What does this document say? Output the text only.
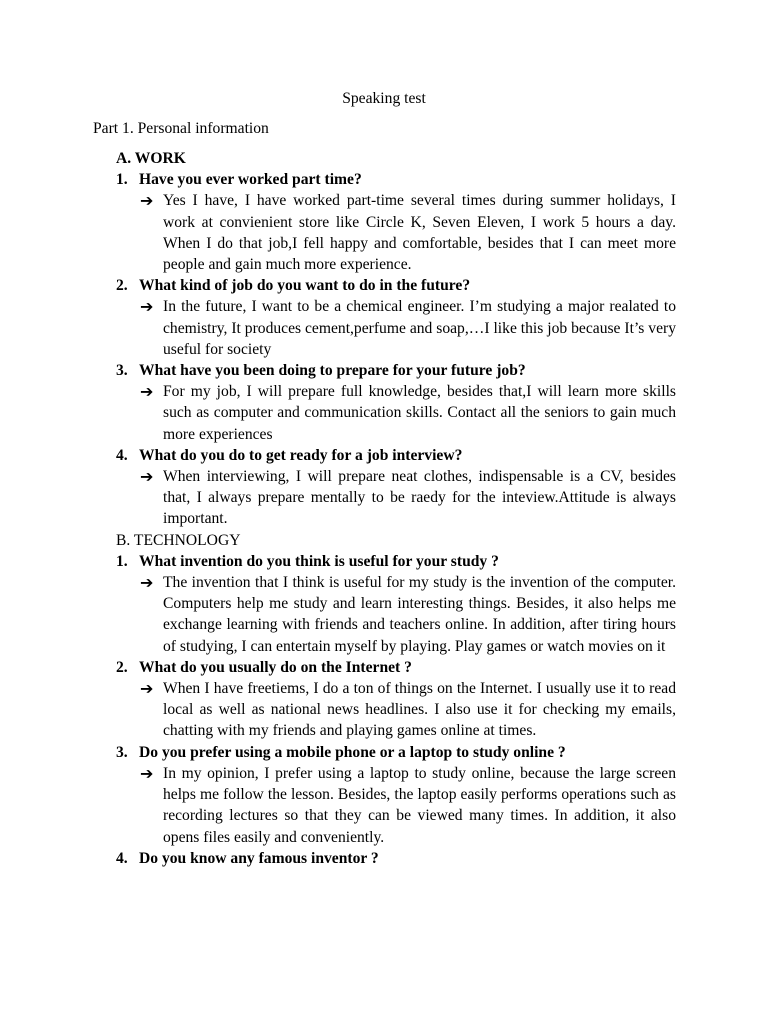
Speaking test
Part 1. Personal information
A. WORK
1. Have you ever worked part time?
➔ Yes I have, I have worked part-time several times during summer holidays, I work at convienient store like Circle K, Seven Eleven, I work 5 hours a day. When I do that job,I fell happy and comfortable, besides that I can meet more people and gain much more experience.
2. What kind of job do you want to do in the future?
➔ In the future, I want to be a chemical engineer. I’m studying a major realated to chemistry, It produces cement,perfume and soap,…I like this job because It’s very useful for society
3. What have you been doing to prepare for your future job?
➔ For my job, I will prepare full knowledge, besides that,I will learn more skills such as computer and communication skills. Contact all the seniors to gain much more experiences
4. What do you do to get ready for a job interview?
➔ When interviewing, I will prepare neat clothes, indispensable is a CV, besides that, I always prepare mentally to be raedy for the inteview.Attitude is always important.
B. TECHNOLOGY
1. What invention do you think is useful for your study ?
➔ The invention that I think is useful for my study is the invention of the computer. Computers help me study and learn interesting things. Besides, it also helps me exchange learning with friends and teachers online. In addition, after tiring hours of studying, I can entertain myself by playing. Play games or watch movies on it
2. What do you usually do on the Internet ?
➔ When I have freetiems, I do a ton of things on the Internet. I usually use it to read local as well as national news headlines. I also use it for checking my emails, chatting with my friends and playing games online at times.
3. Do you prefer using a mobile phone or a laptop to study online ?
➔ In my opinion, I prefer using a laptop to study online, because the large screen helps me follow the lesson. Besides, the laptop easily performs operations such as recording lectures so that they can be viewed many times. In addition, it also opens files easily and conveniently.
4. Do you know any famous inventor ?
